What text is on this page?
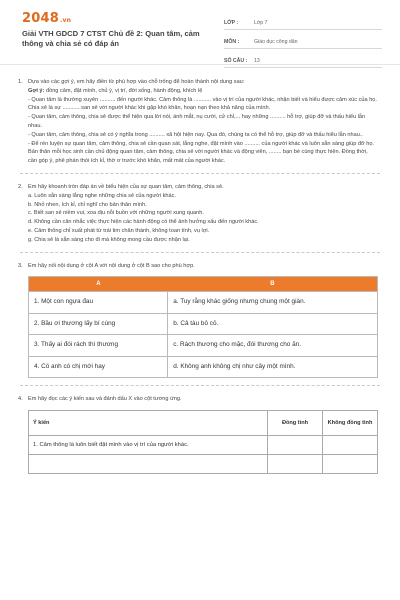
2048.vn
Giải VTH GDCD 7 CTST Chủ đề 2: Quan tâm, cảm thông và chia sẻ có đáp án
LỚP :	Lớp 7
MÔN :	Giáo dục công dân
SỐ CÂU :	13
1. Dựa vào các gợi ý, em hãy điền từ phù hợp vào chỗ trống để hoàn thành nội dung sau:
Gợi ý: đồng cảm, đặt mình, chủ ý, vị trí, đời sống, hành động, khích lệ
- Quan tâm là thường xuyên .......... đến người khác. Cảm thông là ........... vào vị trí của người khác, nhận biết và hiểu được cảm xúc của họ. Chia sẻ là sự ........... san sẻ với người khác khi gặp khó khăn, hoạn nạn theo khả năng của mình.
- Quan tâm, cảm thông, chia sẻ được thể hiện qua lời nói, ánh mắt, nụ cười, cử chỉ,... hay những .......... hỗ trợ, giúp đỡ và thấu hiểu lẫn nhau.
- Quan tâm, cảm thông, chia sẻ có ý nghĩa trong .......... xã hội hiện nay. Qua đó, chúng ta có thể hỗ trợ, giúp đỡ và thấu hiểu lẫn nhau..
- Để rèn luyện sự quan tâm, cảm thông, chia sẻ cần quan sát, lắng nghe, đặt mình vào .......... của người khác và luôn sẵn sàng giúp đỡ họ. Bản thân mỗi học sinh cần chủ động quan tâm, cảm thông, chia sẻ với người khác và động viên, ........ bạn bè cùng thực hiện. Đồng thời, cần góp ý, phê phán thói ích kỉ, thờ ơ trước khó khăn, mất mát của người khác.
2. Em hãy khoanh tròn đáp án về biểu hiện của sự quan tâm, cảm thông, chia sẻ.
a. Luôn sẵn sàng lắng nghe những chia sẻ của người khác.
b. Nhỏ nhen, ích kỉ, chỉ nghĩ cho bản thân mình.
c. Biết san sẻ niềm vui, xoa dịu nỗi buồn với những người xung quanh.
d. Không cần cân nhắc việc thực hiện các hành động có thể ảnh hưởng xấu đến người khác.
e. Cảm thông chỉ xuất phát từ trái tim chân thành, không toan tính, vụ lợi.
g. Chia sẻ là sẵn sàng cho đi mà không mong cầu được nhận lại.
3. Em hãy nối nội dung ở cột A với nội dung ở cột B sao cho phù hợp.
A	B
1. Một con ngựa đau	a. Tuy rằng khác giống nhưng chung một giàn.
2. Bầu ơi thương lấy bí cùng	b. Cả tàu bỏ cỏ.
3. Thấy ai đói rách thì thương	c. Rách thương cho mặc, đói thương cho ăn.
4. Có anh có chị mới hay	d. Không anh không chị như cây một mình.
4. Em hãy đọc các ý kiến sau và đánh dấu X vào cột tương ứng.
Ý kiến	Đồng tình	Không đồng tình
1. Cảm thông là luôn biết đặt mình vào vị trí của người khác.		
